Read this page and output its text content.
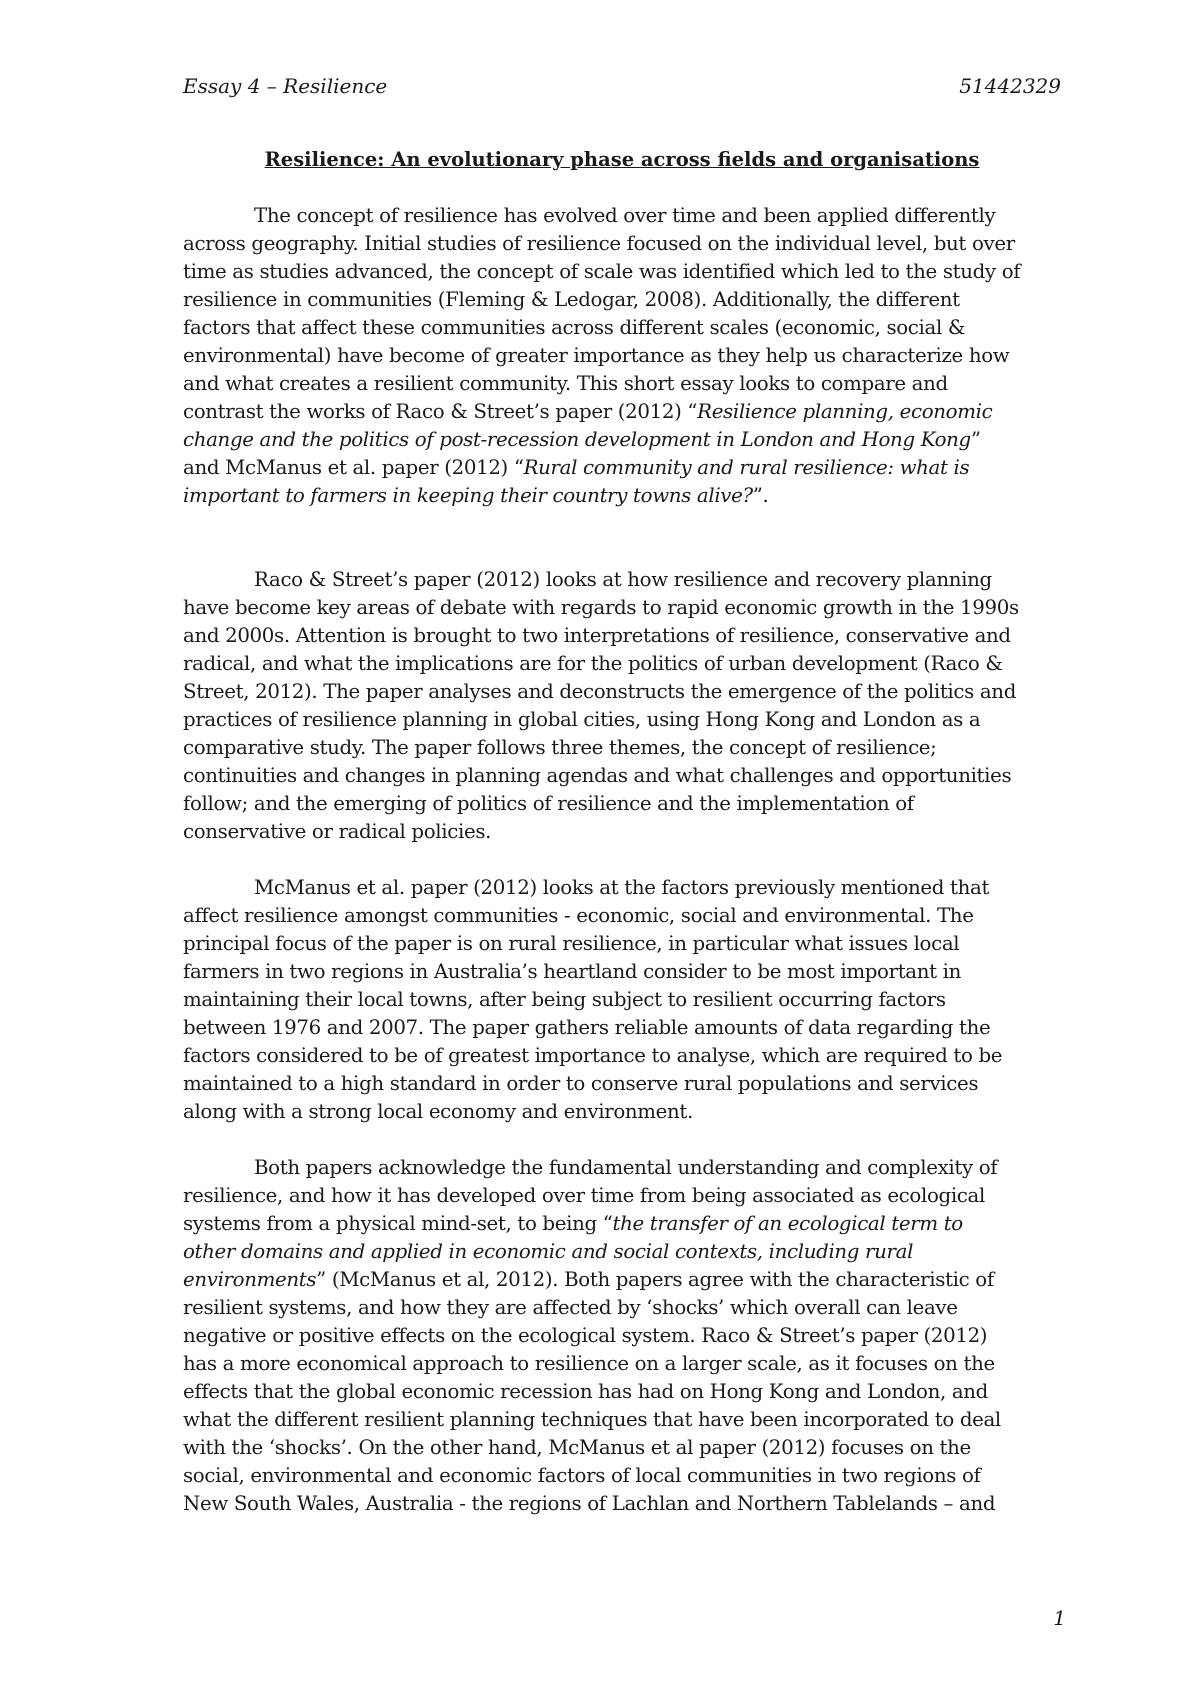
Essay 4 – Resilience	51442329
Resilience: An evolutionary phase across fields and organisations
The concept of resilience has evolved over time and been applied differently
across geography. Initial studies of resilience focused on the individual level, but over
time as studies advanced, the concept of scale was identified which led to the study of
resilience in communities (Fleming & Ledogar, 2008). Additionally, the different
factors that affect these communities across different scales (economic, social &
environmental) have become of greater importance as they help us characterize how
and what creates a resilient community. This short essay looks to compare and
contrast the works of Raco & Street’s paper (2012) “Resilience planning, economic
change and the politics of post-recession development in London and Hong Kong”
and McManus et al. paper (2012) “Rural community and rural resilience: what is
important to farmers in keeping their country towns alive?”.
Raco & Street’s paper (2012) looks at how resilience and recovery planning
have become key areas of debate with regards to rapid economic growth in the 1990s
and 2000s. Attention is brought to two interpretations of resilience, conservative and
radical, and what the implications are for the politics of urban development (Raco &
Street, 2012). The paper analyses and deconstructs the emergence of the politics and
practices of resilience planning in global cities, using Hong Kong and London as a
comparative study. The paper follows three themes, the concept of resilience;
continuities and changes in planning agendas and what challenges and opportunities
follow; and the emerging of politics of resilience and the implementation of
conservative or radical policies.
McManus et al. paper (2012) looks at the factors previously mentioned that
affect resilience amongst communities - economic, social and environmental. The
principal focus of the paper is on rural resilience, in particular what issues local
farmers in two regions in Australia’s heartland consider to be most important in
maintaining their local towns, after being subject to resilient occurring factors
between 1976 and 2007. The paper gathers reliable amounts of data regarding the
factors considered to be of greatest importance to analyse, which are required to be
maintained to a high standard in order to conserve rural populations and services
along with a strong local economy and environment.
Both papers acknowledge the fundamental understanding and complexity of
resilience, and how it has developed over time from being associated as ecological
systems from a physical mind-set, to being “the transfer of an ecological term to
other domains and applied in economic and social contexts, including rural
environments” (McManus et al, 2012). Both papers agree with the characteristic of
resilient systems, and how they are affected by ‘shocks’ which overall can leave
negative or positive effects on the ecological system. Raco & Street’s paper (2012)
has a more economical approach to resilience on a larger scale, as it focuses on the
effects that the global economic recession has had on Hong Kong and London, and
what the different resilient planning techniques that have been incorporated to deal
with the ‘shocks’. On the other hand, McManus et al paper (2012) focuses on the
social, environmental and economic factors of local communities in two regions of
New South Wales, Australia - the regions of Lachlan and Northern Tablelands – and
1
